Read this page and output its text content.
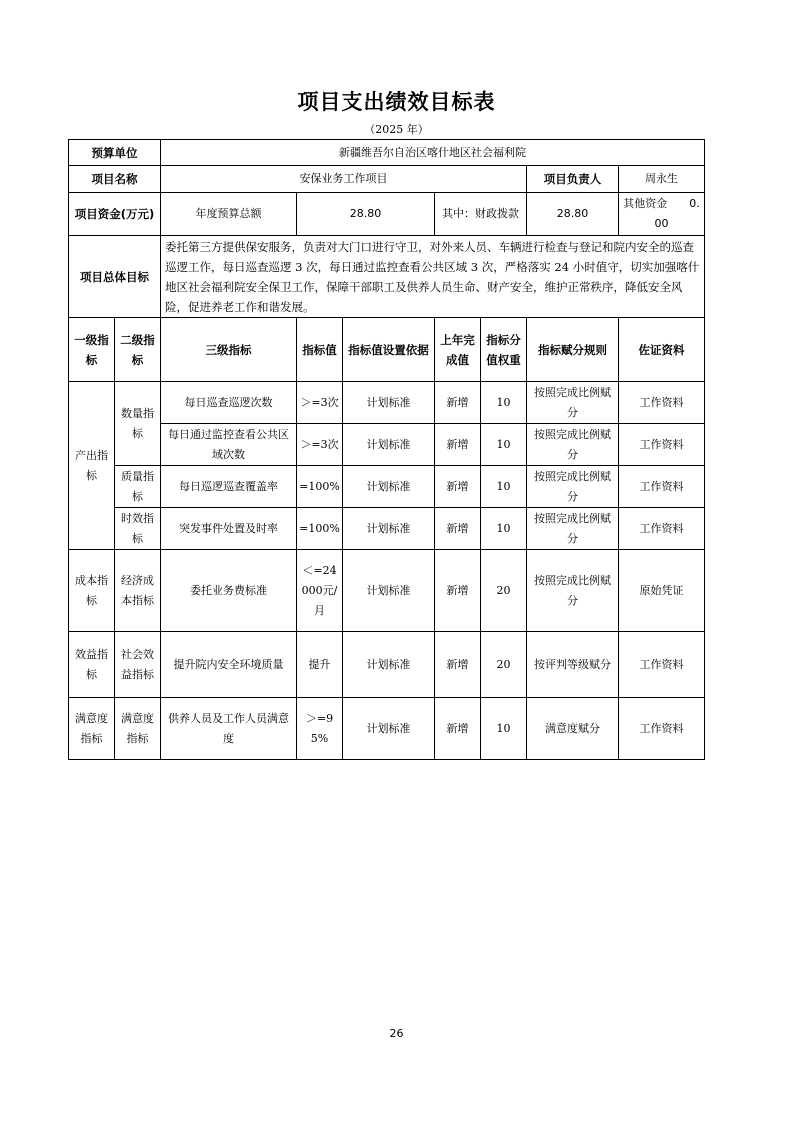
项目支出绩效目标表
（2025 年）
预算单位		新疆维吾尔自治区喀什地区社会福利院						
项目名称		安保业务工作项目					项目负责人	周永生
项目资金(万元)		年度预算总额	28.80		其中：财政拨款		28.80	其他资金　　 0.00
项目总体目标		委托第三方提供保安服务，负责对大门口进行守卫，对外来人员、车辆进行检查与登记和院内安全的巡查巡逻工作，每日巡查巡逻 3 次，每日通过监控查看公共区域 3 次，严格落实 24 小时值守，切实加强喀什地区社会福利院安全保卫工作，保障干部职工及供养人员生命、财产安全，维护正常秩序，降低安全风险，促进养老工作和谐发展。						
一级指标	二级指标	三级指标	指标值	指标值设置依据	上年完成值	指标分值权重	指标赋分规则	佐证资料
产出指标	数量指标	每日巡查巡逻次数	＞=3次	计划标准	新增	10	按照完成比例赋分	工作资料
		每日通过监控查看公共区域次数	＞=3次	计划标准	新增	10	按照完成比例赋分	工作资料
	质量指标	每日巡逻巡查覆盖率	=100%	计划标准	新增	10	按照完成比例赋分	工作资料
	时效指标	突发事件处置及时率	=100%	计划标准	新增	10	按照完成比例赋分	工作资料
成本指标	经济成本指标	委托业务费标准	＜=24000元/月	计划标准	新增	20	按照完成比例赋分	原始凭证
效益指标	社会效益指标	提升院内安全环境质量	提升	计划标准	新增	20	按评判等级赋分	工作资料
满意度指标	满意度指标	供养人员及工作人员满意度	＞=95%	计划标准	新增	10	满意度赋分	工作资料
26
